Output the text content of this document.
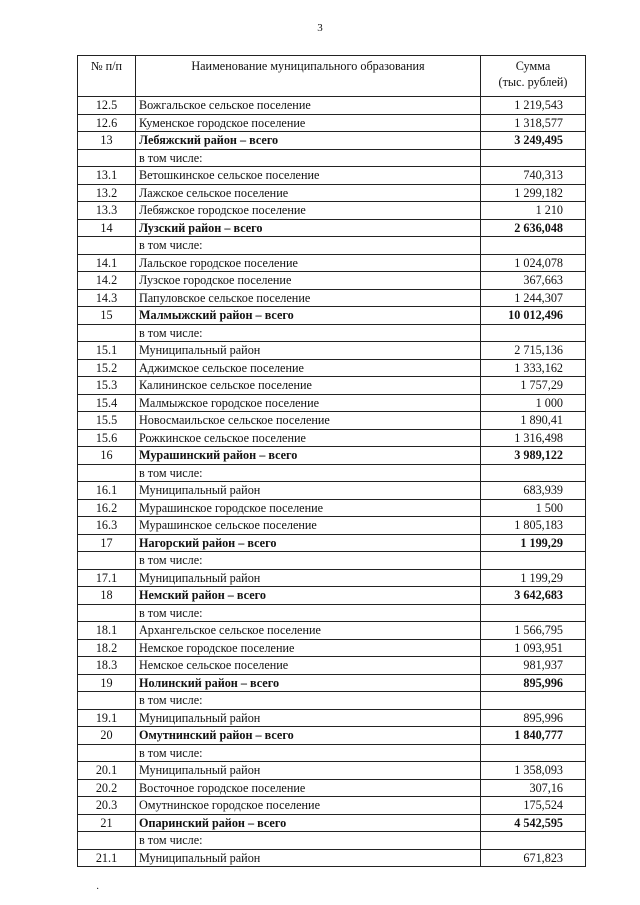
3
№ п/п	Наименование муниципального образования	Сумма
(тыс. рублей)

12.5	Вожгальское сельское поселение	1 219,543
12.6	Куменское городское поселение	1 318,577
13	Лебяжский район – всего	3 249,495
	в том числе:	
13.1	Ветошкинское сельское поселение	740,313
13.2	Лажское сельское поселение	1 299,182
13.3	Лебяжское городское поселение	1 210
14	Лузский район – всего	2 636,048
	в том числе:	
14.1	Лальское городское поселение	1 024,078
14.2	Лузское городское поселение	367,663
14.3	Папуловское сельское поселение	1 244,307
15	Малмыжский район – всего	10 012,496
	в том числе:	
15.1	Муниципальный район	2 715,136
15.2	Аджимское сельское поселение	1 333,162
15.3	Калининское сельское поселение	1 757,29
15.4	Малмыжское городское поселение	1 000
15.5	Новосмаильское сельское поселение	1 890,41
15.6	Рожкинское сельское поселение	1 316,498
16	Мурашинский район – всего	3 989,122
	в том числе:	
16.1	Муниципальный район	683,939
16.2	Мурашинское городское поселение	1 500
16.3	Мурашинское сельское поселение	1 805,183
17	Нагорский район – всего	1 199,29
	в том числе:	
17.1	Муниципальный район	1 199,29
18	Немский район – всего	3 642,683
	в том числе:	
18.1	Архангельское сельское поселение	1 566,795
18.2	Немское городское поселение	1 093,951
18.3	Немское сельское поселение	981,937
19	Нолинский район – всего	895,996
	в том числе:	
19.1	Муниципальный район	895,996
20	Омутнинский район – всего	1 840,777
	в том числе:	
20.1	Муниципальный район	1 358,093
20.2	Восточное городское поселение	307,16
20.3	Омутнинское городское поселение	175,524
21	Опаринский район – всего	4 542,595
	в том числе:	
21.1	Муниципальный район	671,823
·
